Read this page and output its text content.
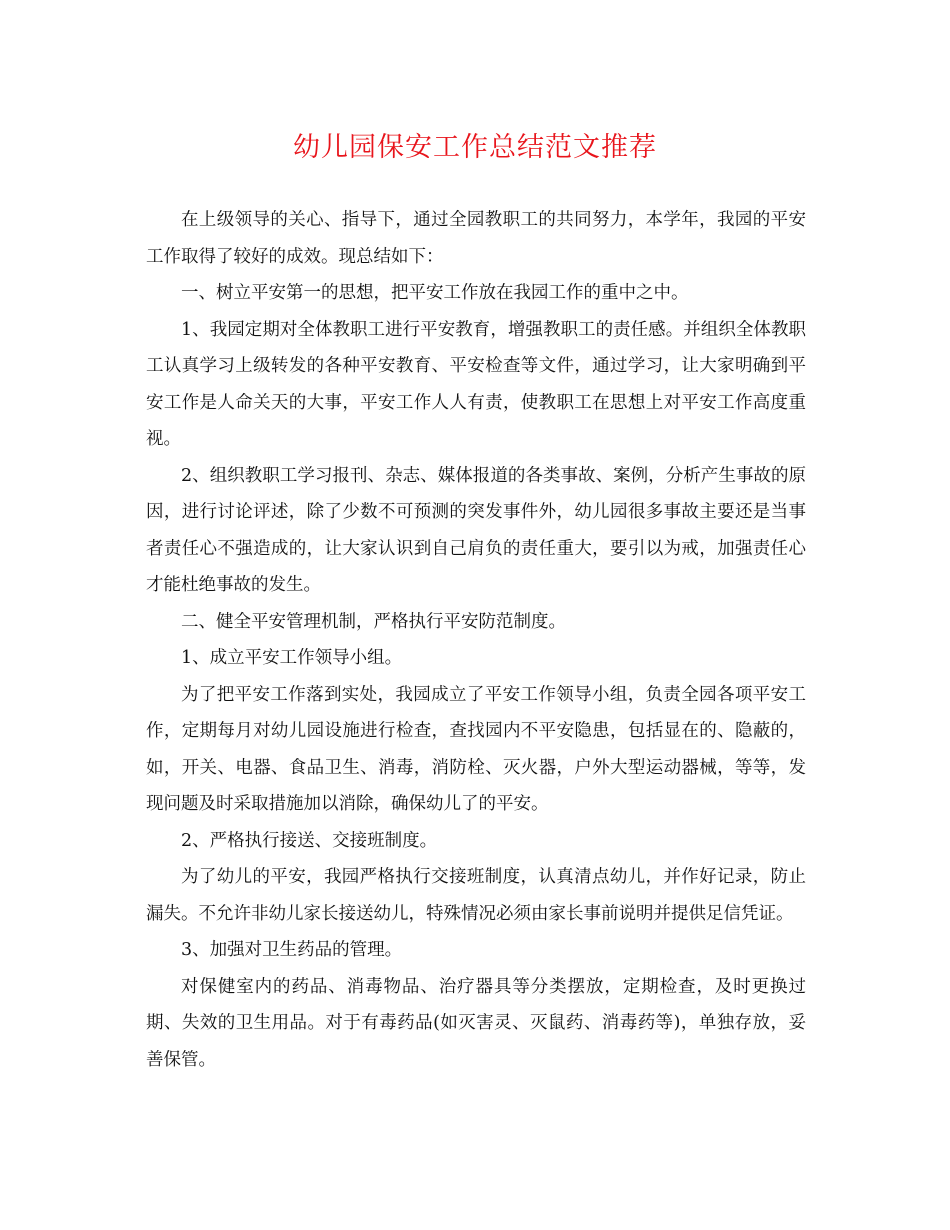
幼儿园保安工作总结范文推荐

在上级领导的关心、指导下，通过全园教职工的共同努力，本学年，我园的平安工作取得了较好的成效。现总结如下：

一、树立平安第一的思想，把平安工作放在我园工作的重中之中。

1、我园定期对全体教职工进行平安教育，增强教职工的责任感。并组织全体教职工认真学习上级转发的各种平安教育、平安检查等文件，通过学习，让大家明确到平安工作是人命关天的大事，平安工作人人有责，使教职工在思想上对平安工作高度重视。

2、组织教职工学习报刊、杂志、媒体报道的各类事故、案例，分析产生事故的原因，进行讨论评述，除了少数不可预测的突发事件外，幼儿园很多事故主要还是当事者责任心不强造成的，让大家认识到自己肩负的责任重大，要引以为戒，加强责任心才能杜绝事故的发生。

二、健全平安管理机制，严格执行平安防范制度。

1、成立平安工作领导小组。

为了把平安工作落到实处，我园成立了平安工作领导小组，负责全园各项平安工作，定期每月对幼儿园设施进行检查，查找园内不平安隐患，包括显在的、隐蔽的，如，开关、电器、食品卫生、消毒，消防栓、灭火器，户外大型运动器械，等等，发现问题及时采取措施加以消除，确保幼儿了的平安。

2、严格执行接送、交接班制度。

为了幼儿的平安，我园严格执行交接班制度，认真清点幼儿，并作好记录，防止漏失。不允许非幼儿家长接送幼儿，特殊情况必须由家长事前说明并提供足信凭证。

3、加强对卫生药品的管理。

对保健室内的药品、消毒物品、治疗器具等分类摆放，定期检查，及时更换过期、失效的卫生用品。对于有毒药品(如灭害灵、灭鼠药、消毒药等)，单独存放，妥善保管。
